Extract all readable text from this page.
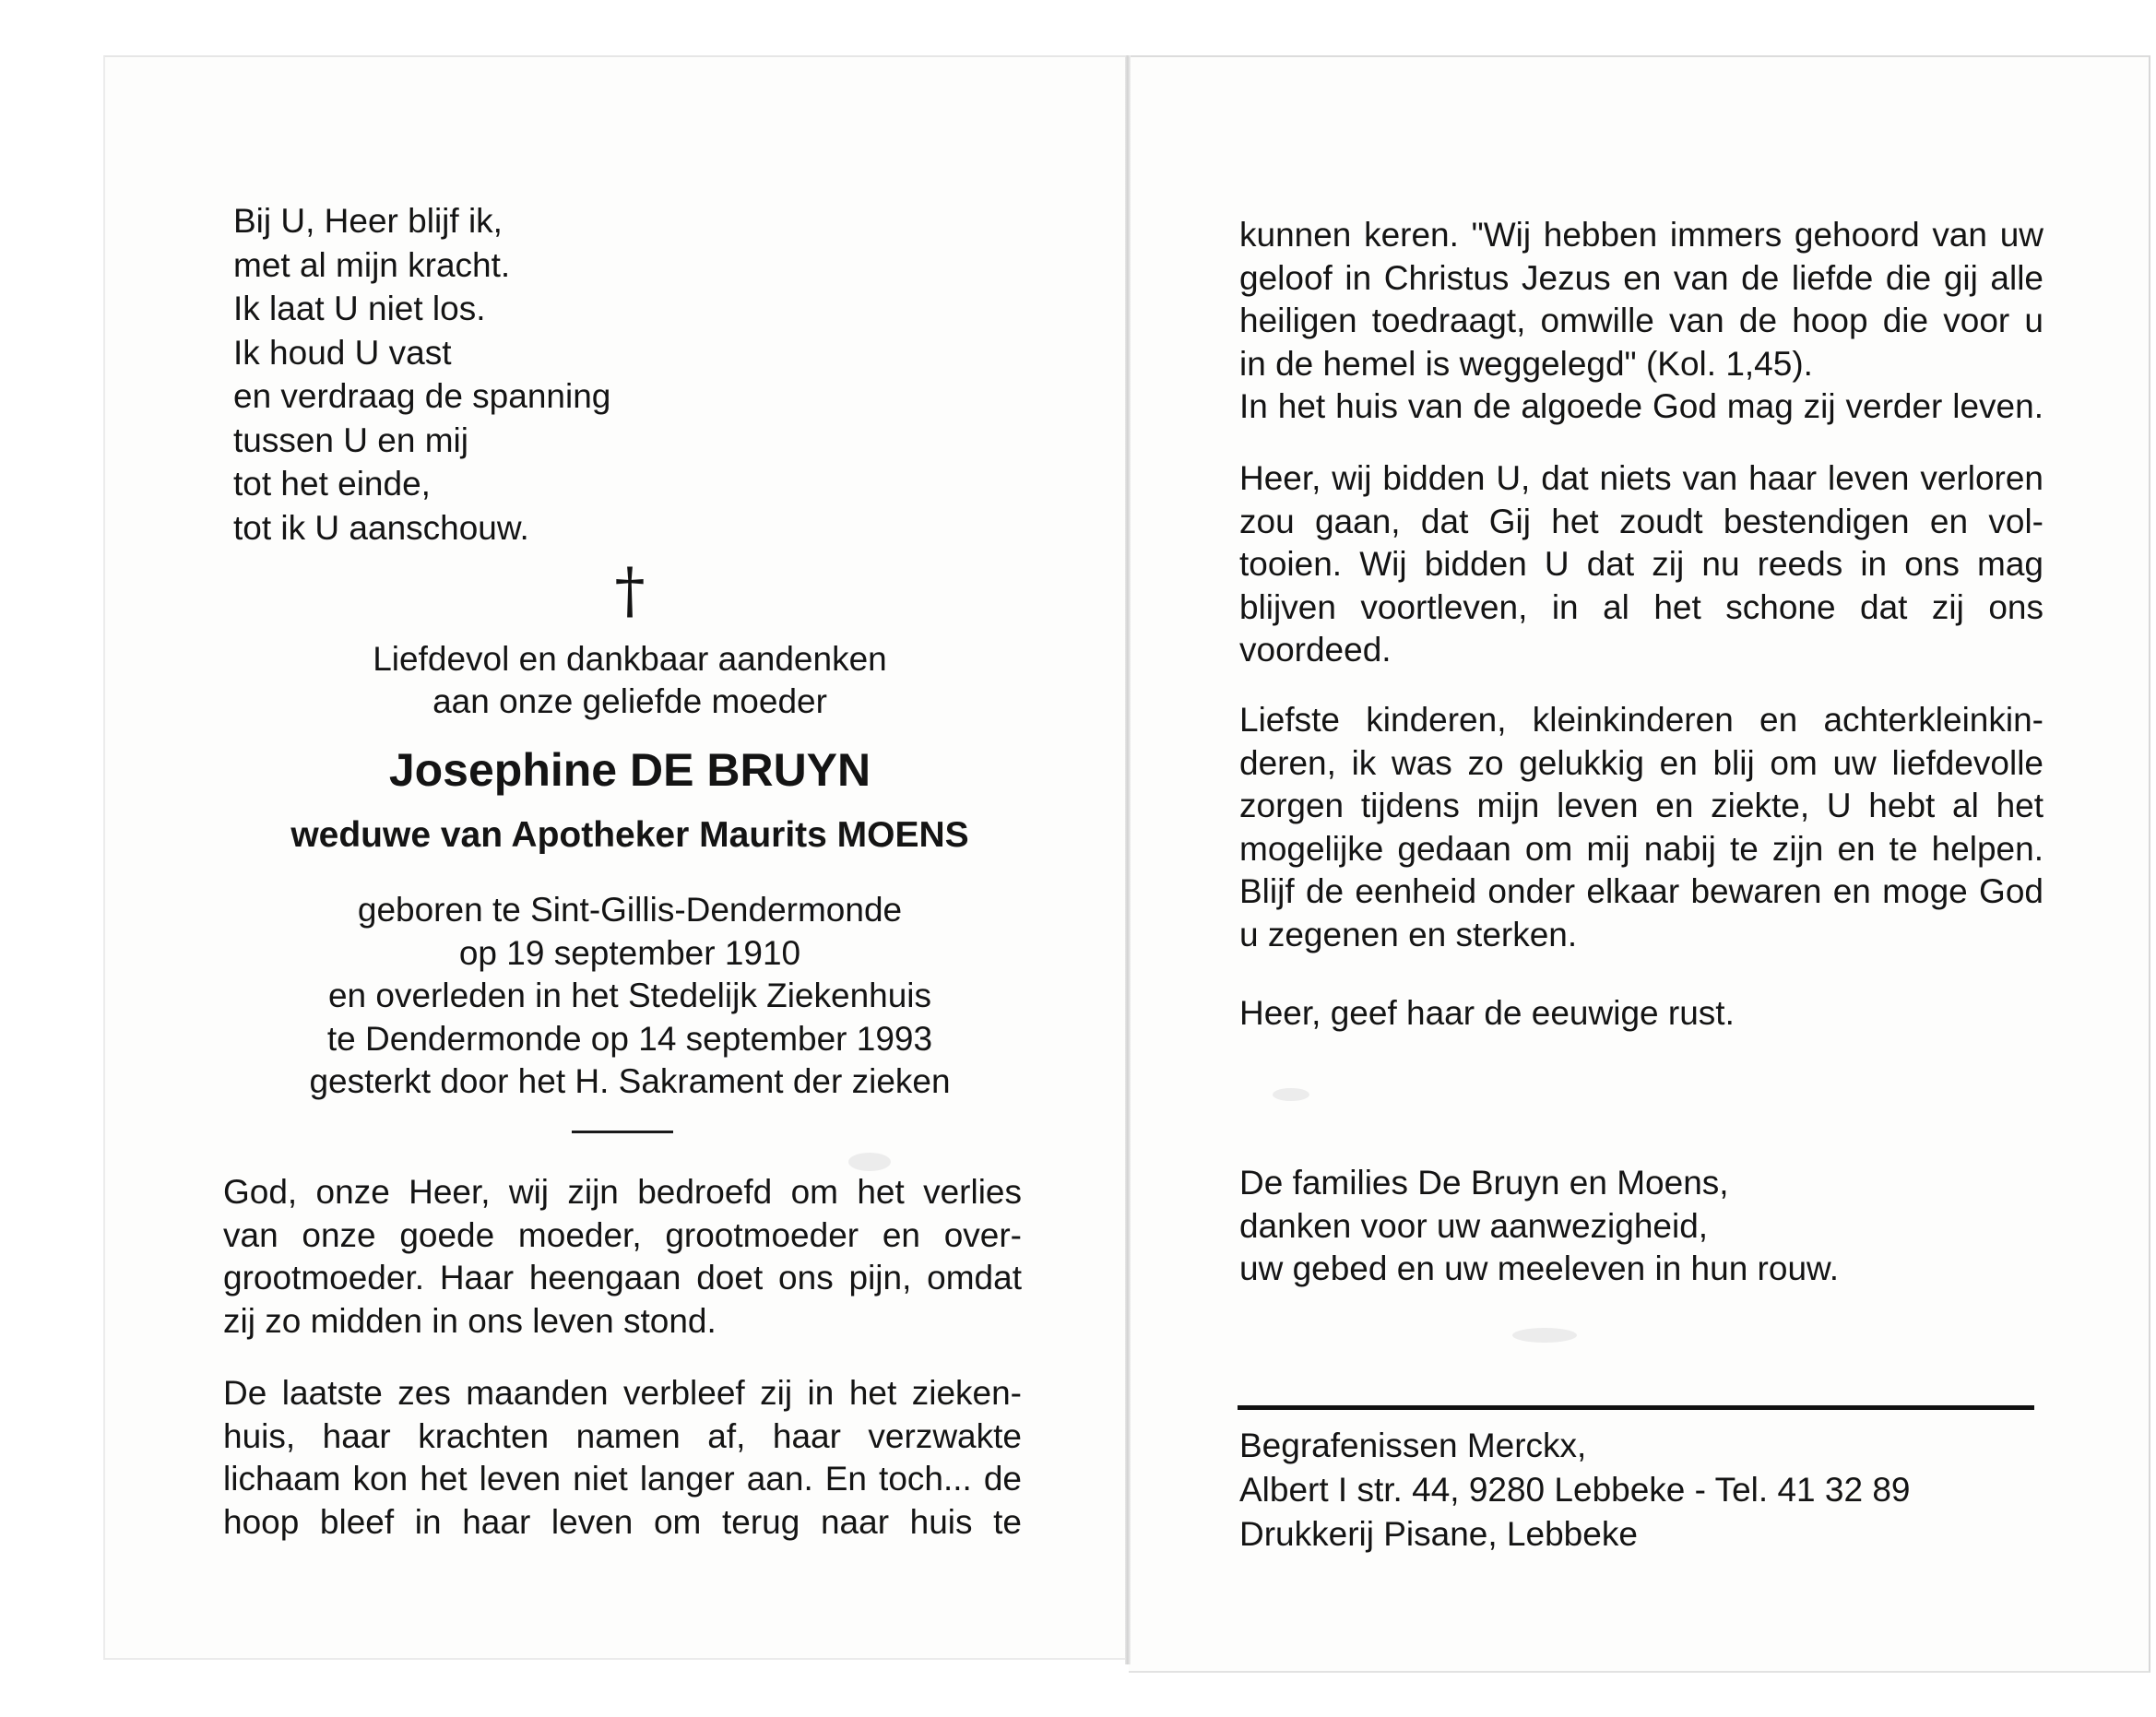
Bij U, Heer blijf ik,
met al mijn kracht.
Ik laat U niet los.
Ik houd U vast
en verdraag de spanning
tussen U en mij
tot het einde,
tot ik U aanschouw.
†
Liefdevol en dankbaar aandenken
aan onze geliefde moeder
Josephine DE BRUYN
weduwe van Apotheker Maurits MOENS
geboren te Sint-Gillis-Dendermonde
op 19 september 1910
en overleden in het Stedelijk Ziekenhuis
te Dendermonde op 14 september 1993
gesterkt door het H. Sakrament der zieken
God, onze Heer, wij zijn bedroefd om het verlies
van onze goede moeder, grootmoeder en over-
grootmoeder. Haar heengaan doet ons pijn, omdat
zij zo midden in ons leven stond.
De laatste zes maanden verbleef zij in het zieken-
huis, haar krachten namen af, haar verzwakte
lichaam kon het leven niet langer aan. En toch... de
hoop bleef in haar leven om terug naar huis te
kunnen keren. "Wij hebben immers gehoord van uw
geloof in Christus Jezus en van de liefde die gij alle
heiligen toedraagt, omwille van de hoop die voor u
in de hemel is weggelegd" (Kol. 1,45).
In het huis van de algoede God mag zij verder leven.
Heer, wij bidden U, dat niets van haar leven verloren
zou gaan, dat Gij het zoudt bestendigen en vol-
tooien. Wij bidden U dat zij nu reeds in ons mag
blijven voortleven, in al het schone dat zij ons
voordeed.
Liefste kinderen, kleinkinderen en achterkleinkin-
deren, ik was zo gelukkig en blij om uw liefdevolle
zorgen tijdens mijn leven en ziekte, U hebt al het
mogelijke gedaan om mij nabij te zijn en te helpen.
Blijf de eenheid onder elkaar bewaren en moge God
u zegenen en sterken.
Heer, geef haar de eeuwige rust.
De families De Bruyn en Moens,
danken voor uw aanwezigheid,
uw gebed en uw meeleven in hun rouw.
Begrafenissen Merckx,
Albert I str. 44, 9280 Lebbeke - Tel. 41 32 89
Drukkerij Pisane, Lebbeke
